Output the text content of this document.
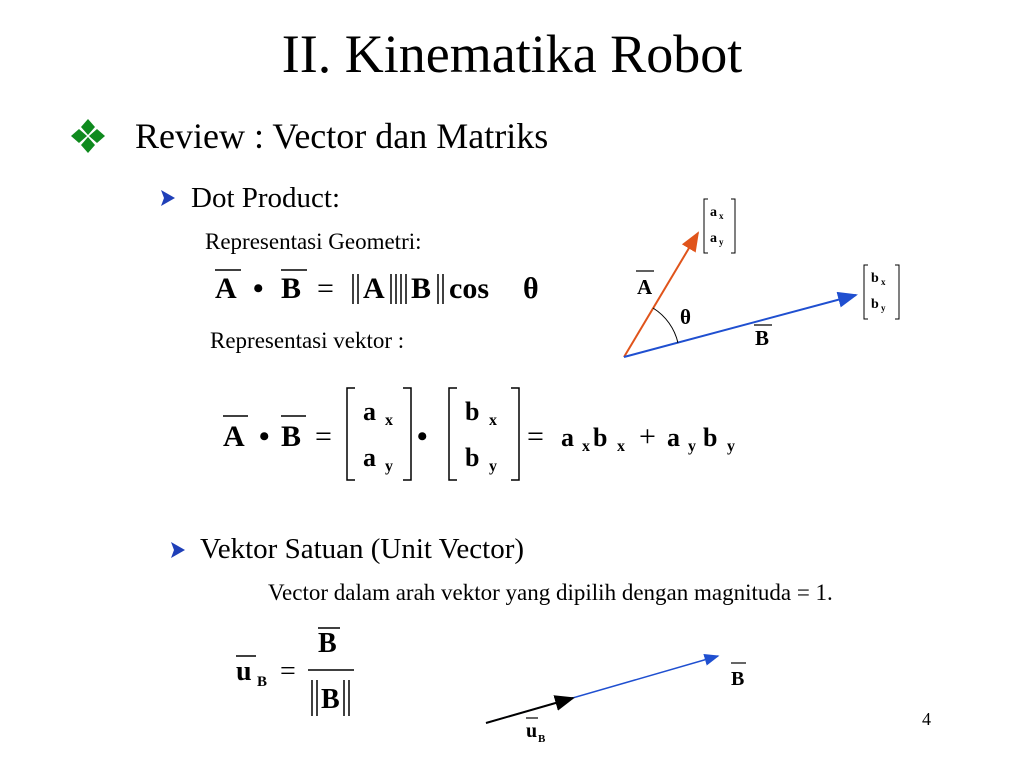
II. Kinematika Robot
Review : Vector dan Matriks
Dot Product:
Representasi Geometri:
Representasi vektor :
A • B = A B cos θ
A • B =
a x
a y
•
b x
b y
= a x b x + a y b y
A
θ
B
a x
a y
b x
b y
Vektor Satuan (Unit Vector)
Vector dalam arah vektor yang dipilih dengan magnituda = 1.
u B =
B
B
B
u B
4
